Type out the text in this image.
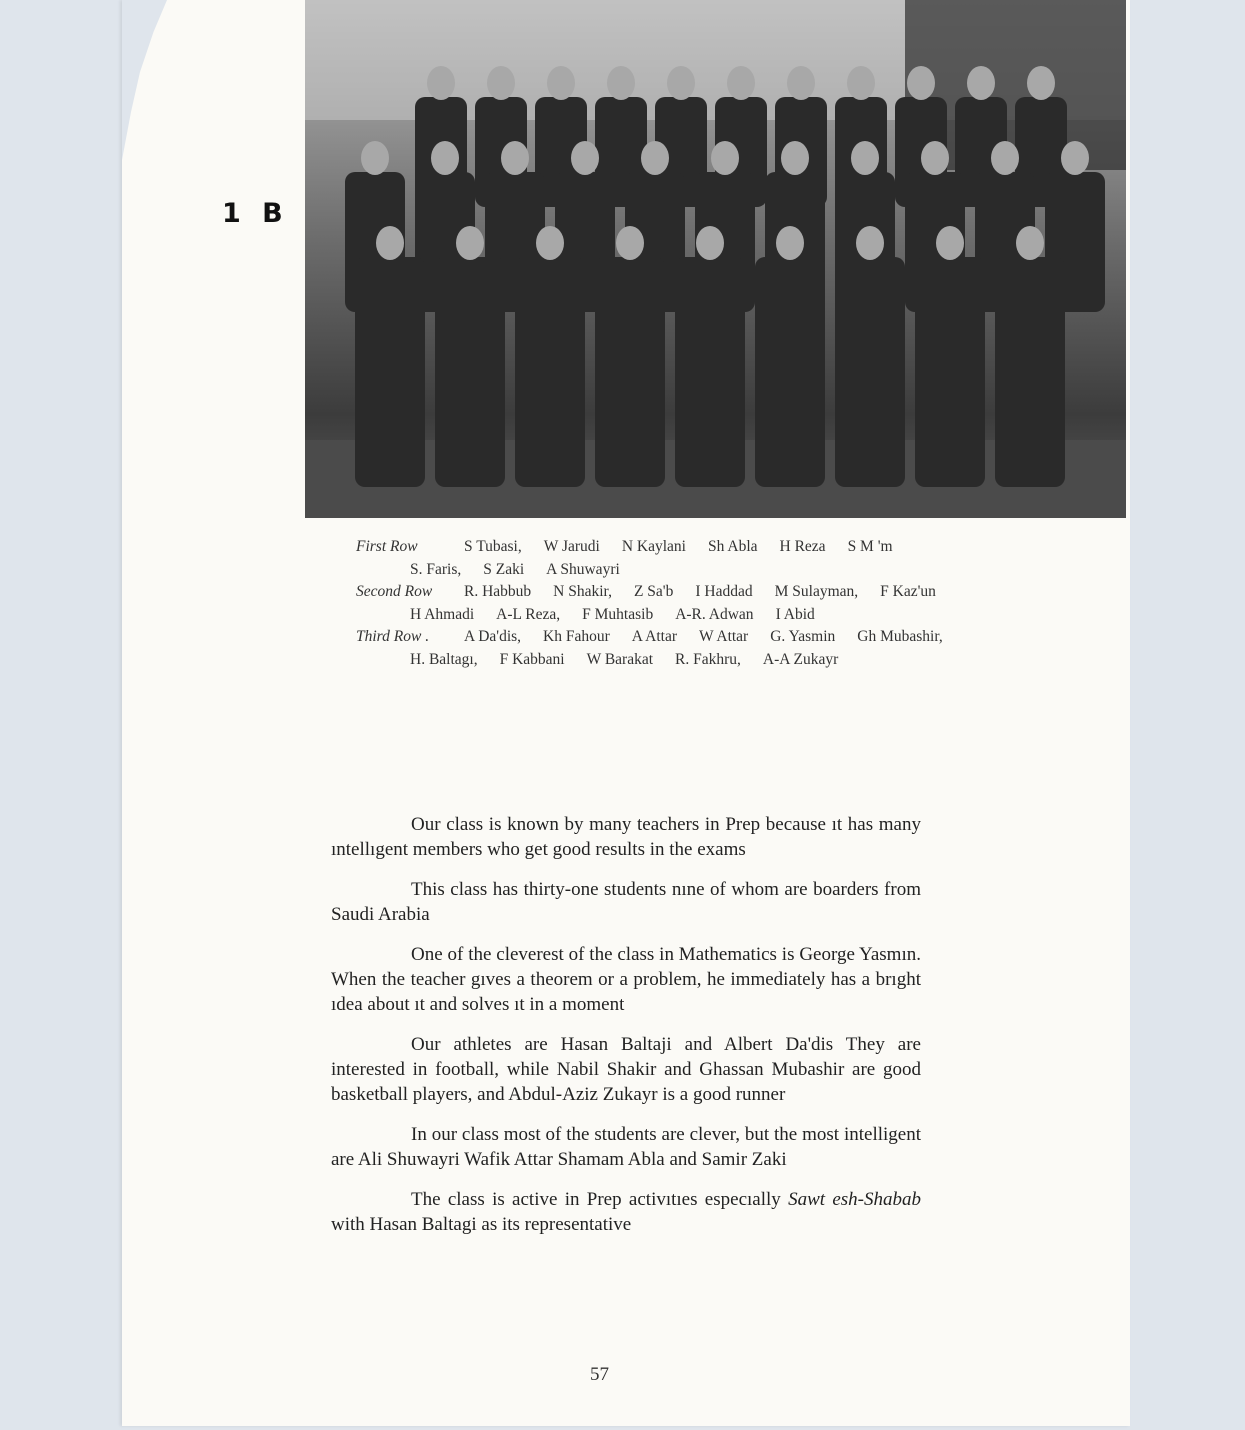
1 B
First Row	S Tubasi, W Jarudi N Kaylani Sh Abla H Reza S M 'm
S. Faris, S Zaki A Shuwayri
Second Row R. Habbub N Shakir, Z Sa'b I Haddad M Sulayman, F Kaz'un
H Ahmadi A-L Reza, F Muhtasib A-R. Adwan I Abid
Third Row . A Da'dis, Kh Fahour A Attar W Attar G. Yasmin Gh Mubashir,
H. Baltagı, F Kabbani W Barakat R. Fakhru, A-A Zukayr

Our class is known by many teachers in Prep because ıt has many ıntellıgent members who get good results in the exams

This class has thirty-one students nıne of whom are boarders from Saudi Arabia

One of the cleverest of the class in Mathematics is George Yasmın. When the teacher gıves a theorem or a problem, he immediately has a brıght ıdea about ıt and solves ıt in a moment

Our athletes are Hasan Baltaji and Albert Da'dis They are interested in football, while Nabil Shakir and Ghassan Mubashir are good basketball players, and Abdul-Aziz Zukayr is a good runner

In our class most of the students are clever, but the most intelligent are Ali Shuwayri Wafik Attar Shamam Abla and Samir Zaki

The class is active in Prep activıtıes especıally Sawt esh-Shabab with Hasan Baltagi as its representative

57
